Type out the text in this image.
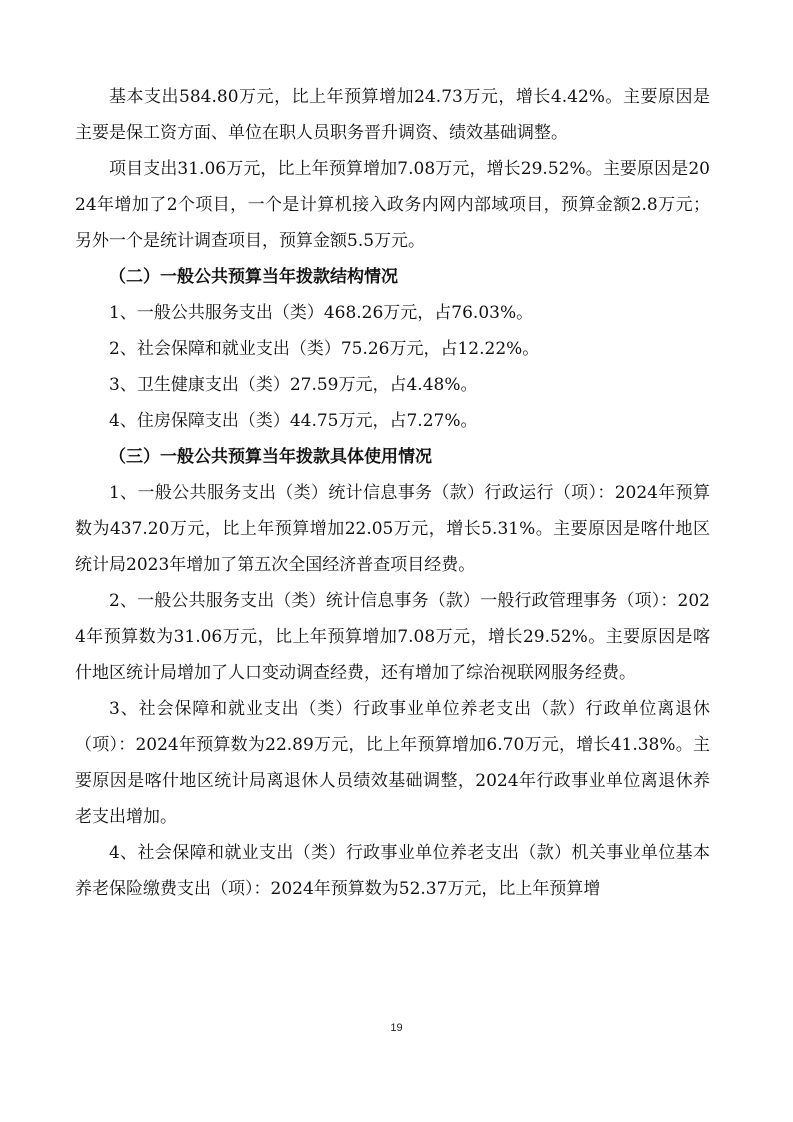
基本支出584.80万元，比上年预算增加24.73万元，增长4.42%。主要原因是主要是保工资方面、单位在职人员职务晋升调资、绩效基础调整。

项目支出31.06万元，比上年预算增加7.08万元，增长29.52%。主要原因是2024年增加了2个项目，一个是计算机接入政务内网内部域项目，预算金额2.8万元；另外一个是统计调查项目，预算金额5.5万元。

（二）一般公共预算当年拨款结构情况

1、一般公共服务支出（类）468.26万元，占76.03%。

2、社会保障和就业支出（类）75.26万元，占12.22%。

3、卫生健康支出（类）27.59万元，占4.48%。

4、住房保障支出（类）44.75万元，占7.27%。

（三）一般公共预算当年拨款具体使用情况

1、一般公共服务支出（类）统计信息事务（款）行政运行（项）：2024年预算数为437.20万元，比上年预算增加22.05万元，增长5.31%。主要原因是喀什地区统计局2023年增加了第五次全国经济普查项目经费。

2、一般公共服务支出（类）统计信息事务（款）一般行政管理事务（项）：2024年预算数为31.06万元，比上年预算增加7.08万元，增长29.52%。主要原因是喀什地区统计局增加了人口变动调查经费，还有增加了综治视联网服务经费。

3、社会保障和就业支出（类）行政事业单位养老支出（款）行政单位离退休（项）：2024年预算数为22.89万元，比上年预算增加6.70万元，增长41.38%。主要原因是喀什地区统计局离退休人员绩效基础调整，2024年行政事业单位离退休养老支出增加。

4、社会保障和就业支出（类）行政事业单位养老支出（款）机关事业单位基本养老保险缴费支出（项）：2024年预算数为52.37万元，比上年预算增

19
